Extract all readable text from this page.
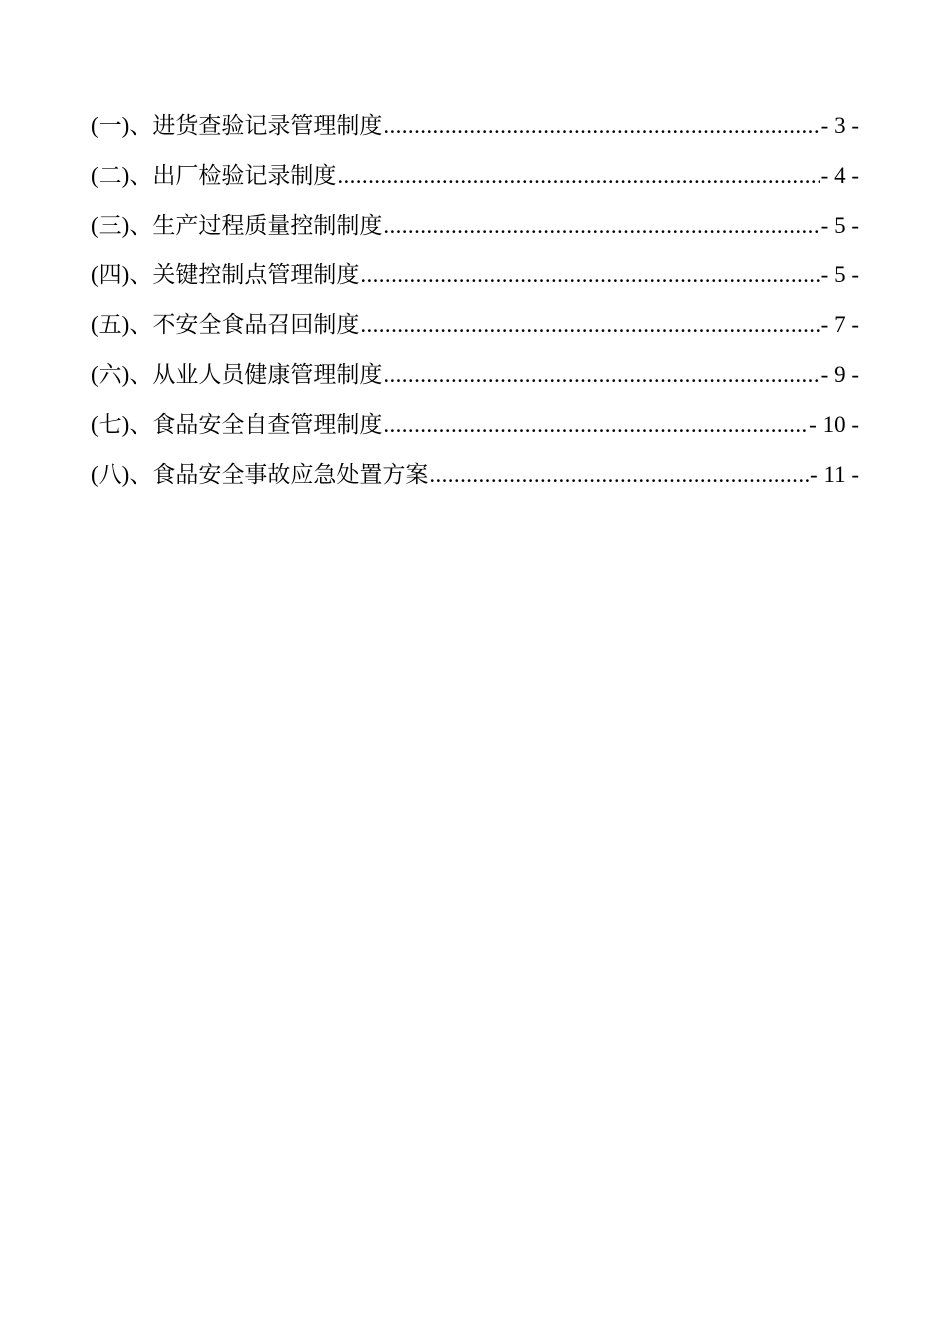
(一)、进货查验记录管理制度 .....	- 3 -
(二)、出厂检验记录制度 .....	- 4 -
(三)、生产过程质量控制制度 .....	- 5 -
(四)、关键控制点管理制度 .....	- 5 -
(五)、不安全食品召回制度 .....	- 7 -
(六)、从业人员健康管理制度 .....	- 9 -
(七)、食品安全自查管理制度 .....	- 10 -
(八)、食品安全事故应急处置方案 .....	- 11 -
